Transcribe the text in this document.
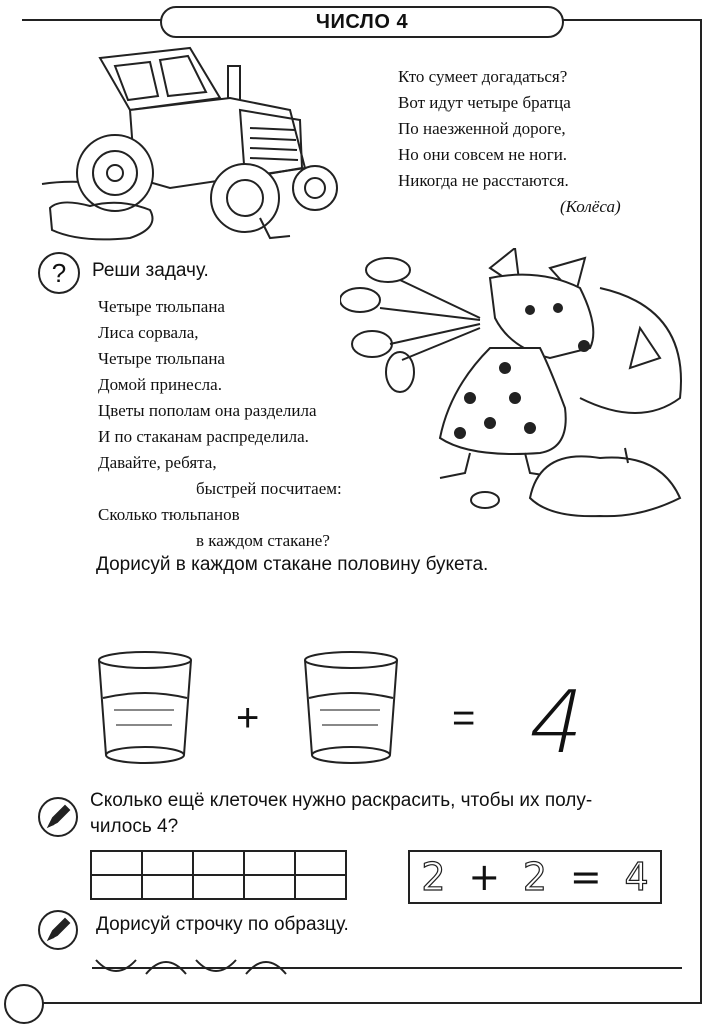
ЧИСЛО 4
Кто сумеет догадаться?
Вот идут четыре братца
По наезженной дороге,
Но они совсем не ноги.
Никогда не расстаются.
(Колёса)
?	Реши задачу.
Четыре тюльпана
Лиса сорвала,
Четыре тюльпана
Домой принесла.
Цветы пополам она разделила
И по стаканам распределила.
Давайте, ребята,
быстрей посчитаем:
Сколько тюльпанов
в каждом стакане?
Дорисуй в каждом стакане половину букета.
+	= 4
Сколько ещё клеточек нужно раскрасить, чтобы их полу-
чилось 4?
2 + 2 = 4
Дорисуй строчку по образцу.
